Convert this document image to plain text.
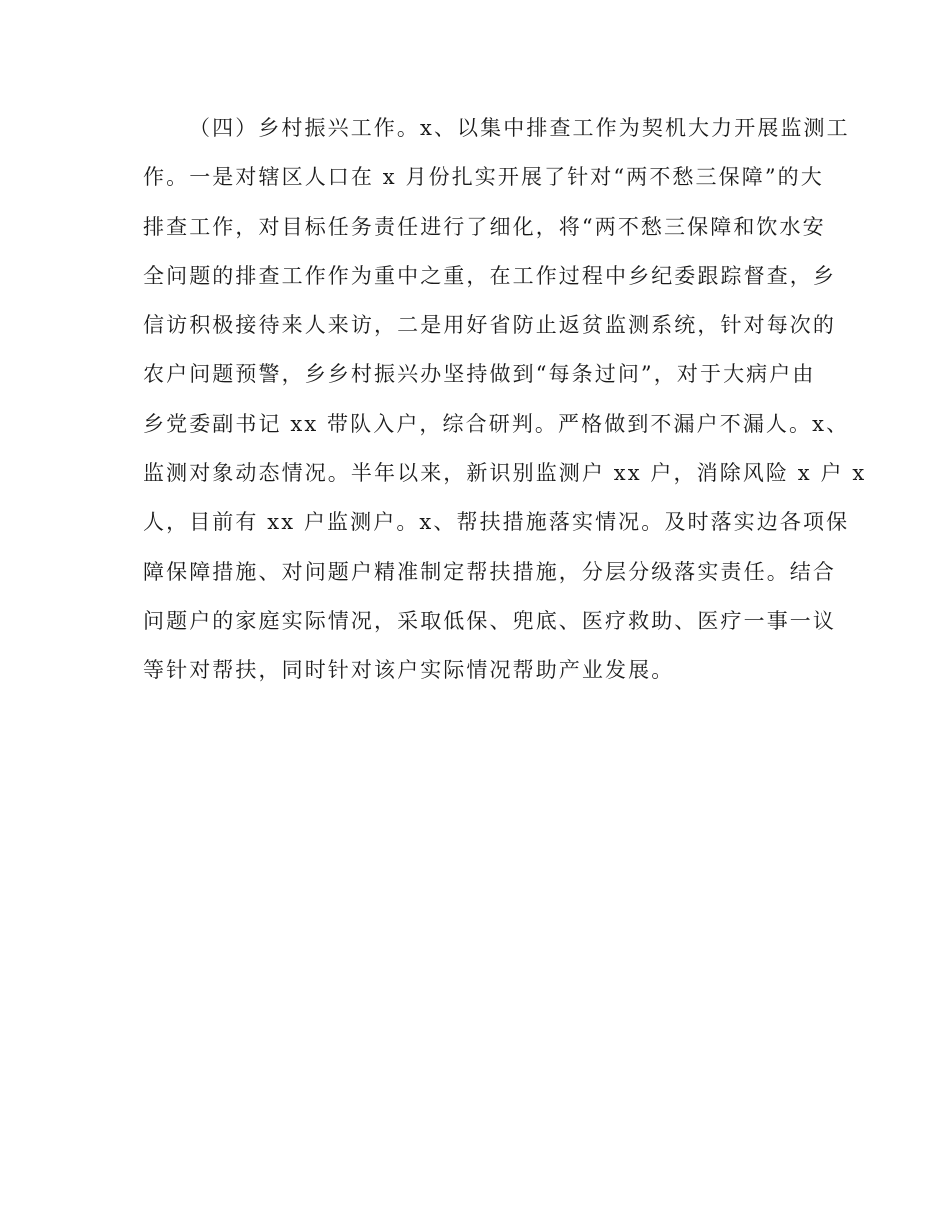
（四）乡村振兴工作。x、以集中排查工作为契机大力开展监测工
作。一是对辖区人口在 x 月份扎实开展了针对“两不愁三保障”的大
排查工作，对目标任务责任进行了细化，将“两不愁三保障和饮水安
全问题的排查工作作为重中之重，在工作过程中乡纪委跟踪督查，乡
信访积极接待来人来访，二是用好省防止返贫监测系统，针对每次的
农户问题预警，乡乡村振兴办坚持做到“每条过问”，对于大病户由
乡党委副书记 xx 带队入户，综合研判。严格做到不漏户不漏人。x、
监测对象动态情况。半年以来，新识别监测户 xx 户，消除风险 x 户 x
人，目前有 xx 户监测户。x、帮扶措施落实情况。及时落实边各项保
障保障措施、对问题户精准制定帮扶措施，分层分级落实责任。结合
问题户的家庭实际情况，采取低保、兜底、医疗救助、医疗一事一议
等针对帮扶，同时针对该户实际情况帮助产业发展。
